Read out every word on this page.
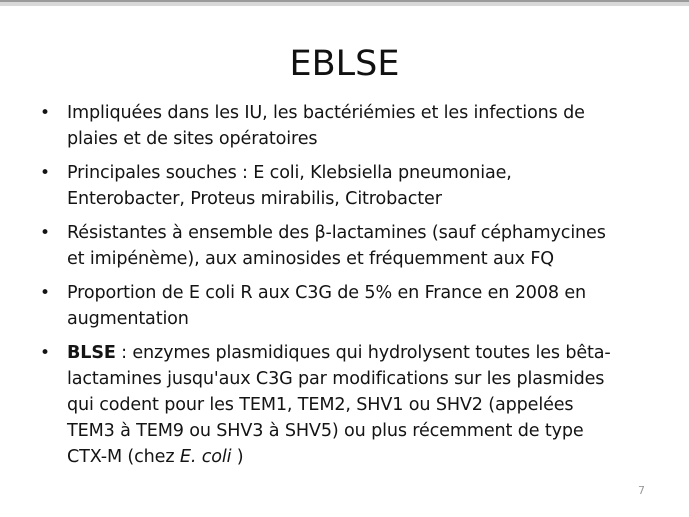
EBLSE
• Impliquées dans les IU, les bactériémies et les infections de
plaies et de sites opératoires
• Principales souches : E coli, Klebsiella pneumoniae,
Enterobacter, Proteus mirabilis, Citrobacter
• Résistantes à ensemble des β-lactamines (sauf céphamycines
et imipénème), aux aminosides et fréquemment aux FQ
• Proportion de E coli R aux C3G de 5% en France en 2008 en
augmentation
• BLSE : enzymes plasmidiques qui hydrolysent toutes les bêta-
lactamines jusqu'aux C3G par modifications sur les plasmides
qui codent pour les TEM1, TEM2, SHV1 ou SHV2 (appelées
TEM3 à TEM9 ou SHV3 à SHV5) ou plus récemment de type
CTX-M (chez E. coli )
7
